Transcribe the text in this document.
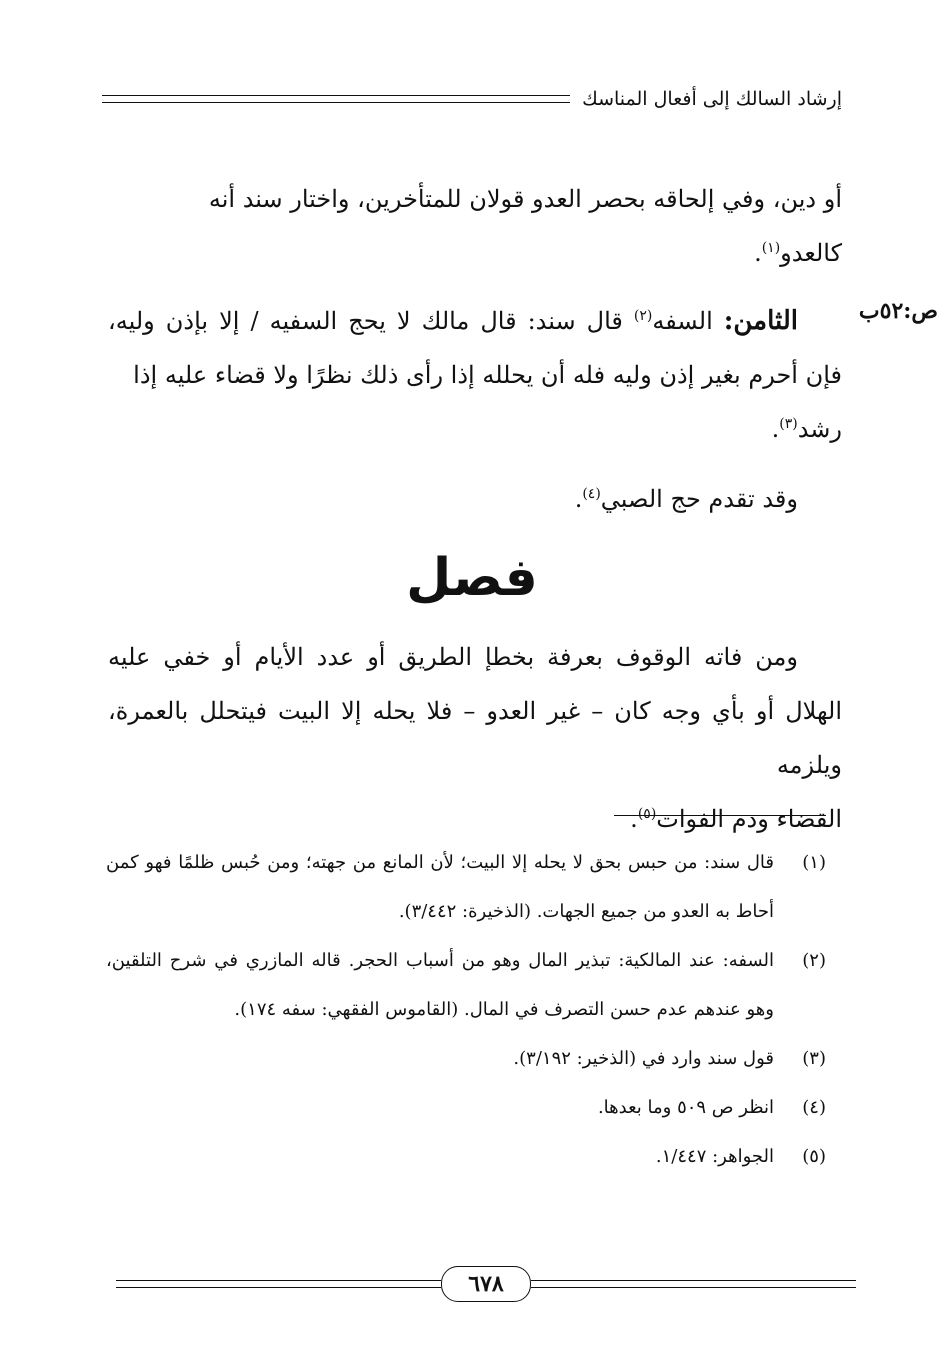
إرشاد السالك إلى أفعال المناسك
أو دين، وفي إلحاقه بحصر العدو قولان للمتأخرين، واختار سند أنه
كالعدو$^{(١)}$.
ص:٥٢ب
الثامن: السفه$^{(٢)}$ قال سند: قال مالك لا يحج السفيه / إلا بإذن وليه، فإن أحرم بغير إذن وليه فله أن يحلله إذا رأى ذلك نظرًا ولا قضاء عليه إذا
رشد$^{(٣)}$.
وقد تقدم حج الصبي$^{(٤)}$.
فصل
ومن فاته الوقوف بعرفة بخطإ الطريق أو عدد الأيام أو خفي عليه الهلال أو بأي وجه كان – غير العدو – فلا يحله إلا البيت فيتحلل بالعمرة، ويلزمه
القضاء ودم الفوات$^{(٥)}$.
(١)
قال سند: من حبس بحق لا يحله إلا البيت؛ لأن المانع من جهته؛ ومن حُبس ظلمًا فهو كمن أحاط به العدو من جميع الجهات. (الذخيرة: ٣/٤٤٢).
(٢)
السفه: عند المالكية: تبذير المال وهو من أسباب الحجر. قاله المازري في شرح التلقين، وهو عندهم عدم حسن التصرف في المال. (القاموس الفقهي: سفه ١٧٤).
(٣)
قول سند وارد في (الذخير: ٣/١٩٢).
(٤)
انظر ص ٥٠٩ وما بعدها.
(٥)
الجواهر: ١/٤٤٧.
٦٧٨
